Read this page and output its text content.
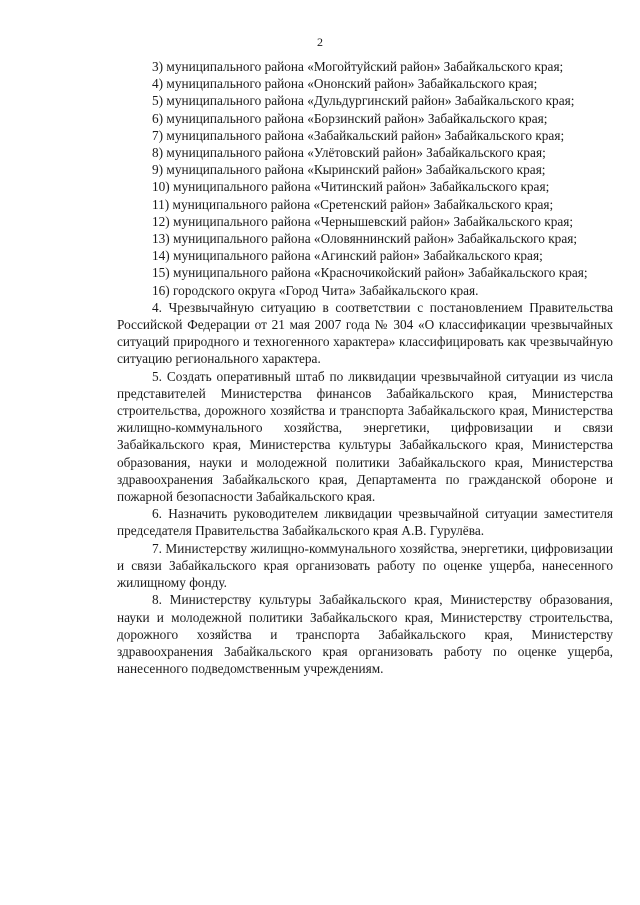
2

3) муниципального района «Могойтуйский район» Забайкальского края;

4) муниципального района «Ононский район» Забайкальского края;

5) муниципального района «Дульдургинский район» Забайкальского края;

6) муниципального района «Борзинский район» Забайкальского края;

7) муниципального района «Забайкальский район» Забайкальского края;

8) муниципального района «Улётовский район» Забайкальского края;

9) муниципального района «Кыринский район» Забайкальского края;

10) муниципального района «Читинский район» Забайкальского края;

11) муниципального района «Сретенский район» Забайкальского края;

12) муниципального района «Чернышевский район» Забайкальского края;

13) муниципального района «Оловяннинский район» Забайкальского края;

14) муниципального района «Агинский район» Забайкальского края;

15) муниципального района «Красночикойский район» Забайкальского края;

16) городского округа «Город Чита» Забайкальского края.

4. Чрезвычайную ситуацию в соответствии с постановлением Правительства Российской Федерации от 21 мая 2007 года № 304 «О классификации чрезвычайных ситуаций природного и техногенного характера» классифицировать как чрезвычайную ситуацию регионального характера.

5. Создать оперативный штаб по ликвидации чрезвычайной ситуации из числа представителей Министерства финансов Забайкальского края, Министерства строительства, дорожного хозяйства и транспорта Забайкальского края, Министерства жилищно-коммунального хозяйства, энергетики, цифровизации и связи Забайкальского края, Министерства культуры Забайкальского края, Министерства образования, науки и молодежной политики Забайкальского края, Министерства здравоохранения Забайкальского края, Департамента по гражданской обороне и пожарной безопасности Забайкальского края.

6. Назначить руководителем ликвидации чрезвычайной ситуации заместителя председателя Правительства Забайкальского края А.В. Гурулёва.

7. Министерству жилищно-коммунального хозяйства, энергетики, цифровизации и связи Забайкальского края организовать работу по оценке ущерба, нанесенного жилищному фонду.

8. Министерству культуры Забайкальского края, Министерству образования, науки и молодежной политики Забайкальского края, Министерству строительства, дорожного хозяйства и транспорта Забайкальского края, Министерству здравоохранения Забайкальского края организовать работу по оценке ущерба, нанесенного подведомственным учреждениям.
